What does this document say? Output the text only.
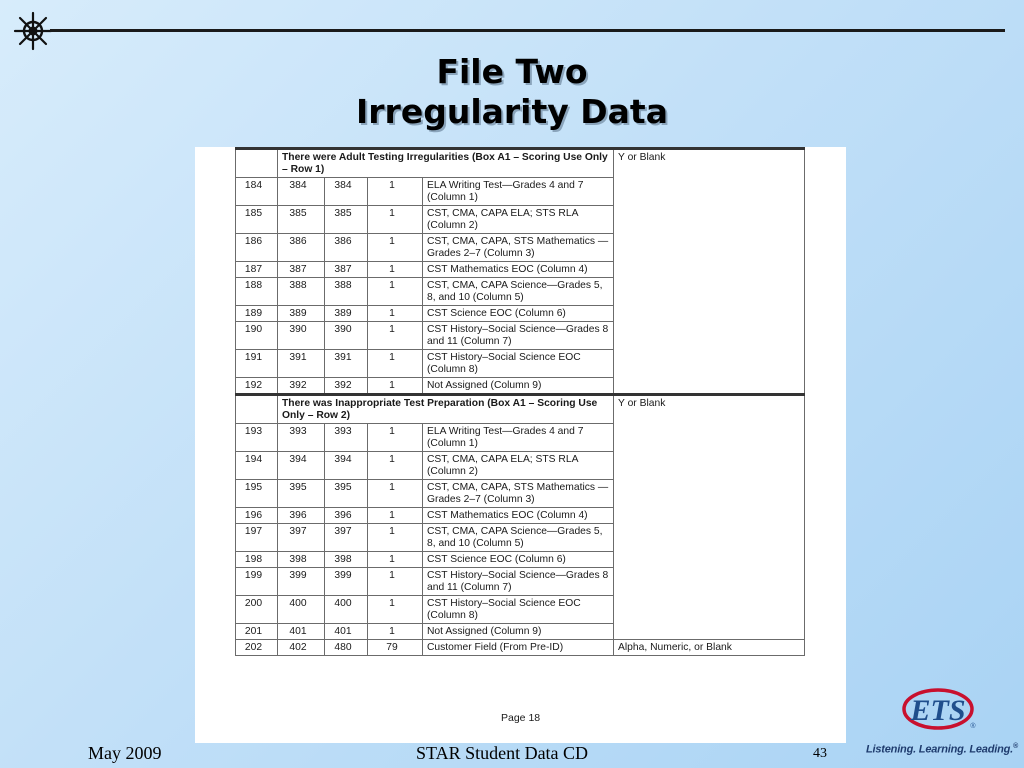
File Two
Irregularity Data
	There were Adult Testing Irregularities (Box A1 – Scoring Use Only – Row 1)				Y or Blank
184	384	384	1	ELA Writing Test—Grades 4 and 7 (Column 1)	
185	385	385	1	CST, CMA, CAPA ELA; STS RLA (Column 2)	
186	386	386	1	CST, CMA, CAPA, STS Mathematics —Grades 2–7 (Column 3)	
187	387	387	1	CST Mathematics EOC (Column 4)	
188	388	388	1	CST, CMA, CAPA Science—Grades 5, 8, and 10 (Column 5)	
189	389	389	1	CST Science EOC (Column 6)	
190	390	390	1	CST History–Social Science—Grades 8 and 11 (Column 7)	
191	391	391	1	CST History–Social Science EOC (Column 8)	
192	392	392	1	Not Assigned (Column 9)	
	There was Inappropriate Test Preparation (Box A1 – Scoring Use Only – Row 2)				Y or Blank
193	393	393	1	ELA Writing Test—Grades 4 and 7 (Column 1)	
194	394	394	1	CST, CMA, CAPA ELA; STS RLA (Column 2)	
195	395	395	1	CST, CMA, CAPA, STS Mathematics —Grades 2–7 (Column 3)	
196	396	396	1	CST Mathematics EOC (Column 4)	
197	397	397	1	CST, CMA, CAPA Science—Grades 5, 8, and 10 (Column 5)	
198	398	398	1	CST Science EOC (Column 6)	
199	399	399	1	CST History–Social Science—Grades 8 and 11 (Column 7)	
200	400	400	1	CST History–Social Science EOC (Column 8)	
201	401	401	1	Not Assigned (Column 9)	
202	402	480	79	Customer Field (From Pre-ID)	Alpha, Numeric, or Blank
Page 18	ETS ®
Listening. Learning. Leading.®
May 2009	STAR Student Data CD	43
